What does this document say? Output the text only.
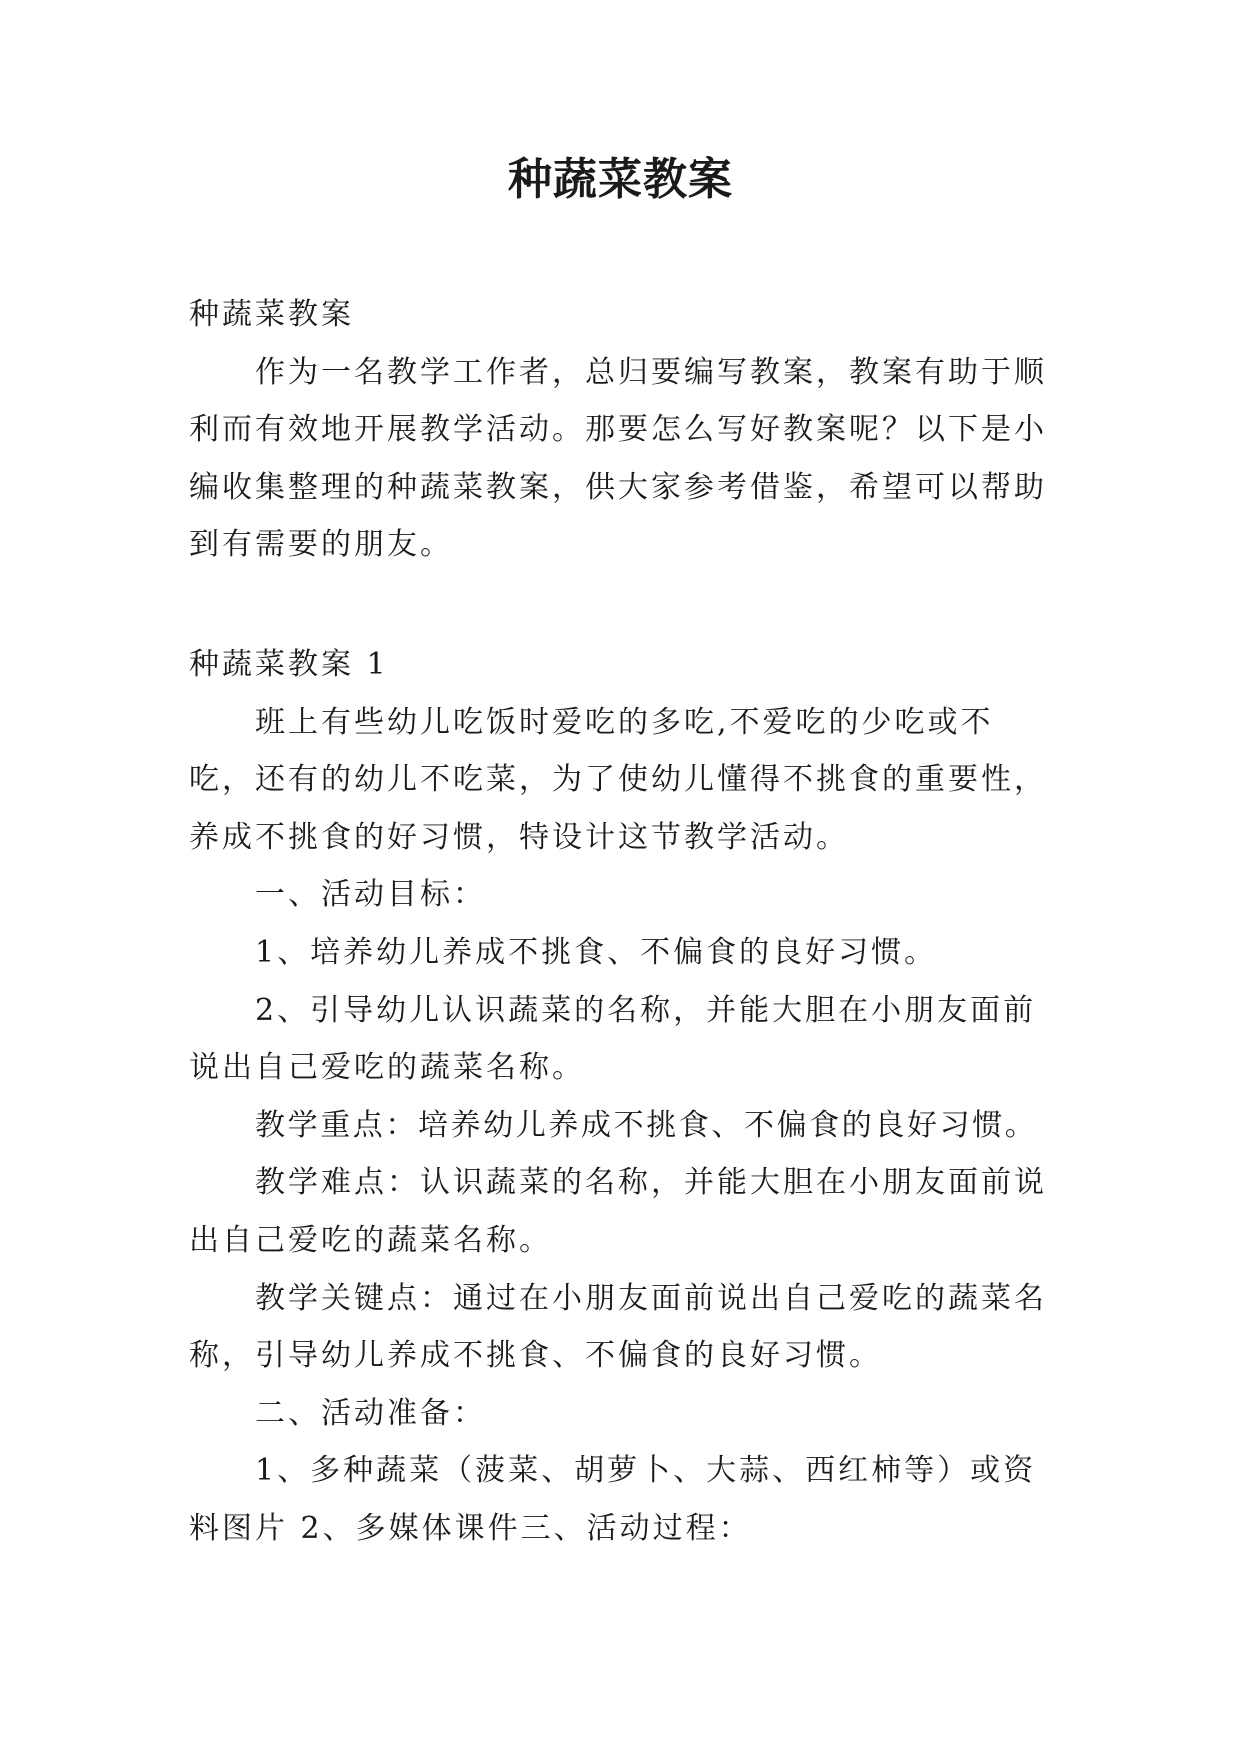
种蔬菜教案

种蔬菜教案

作为一名教学工作者，总归要编写教案，教案有助于顺利而有效地开展教学活动。那要怎么写好教案呢？以下是小编收集整理的种蔬菜教案，供大家参考借鉴，希望可以帮助到有需要的朋友。

种蔬菜教案 1

班上有些幼儿吃饭时爱吃的多吃,不爱吃的少吃或不吃，还有的幼儿不吃菜，为了使幼儿懂得不挑食的重要性，养成不挑食的好习惯，特设计这节教学活动。

一、活动目标：

1、培养幼儿养成不挑食、不偏食的良好习惯。

2、引导幼儿认识蔬菜的名称，并能大胆在小朋友面前说出自己爱吃的蔬菜名称。

教学重点：培养幼儿养成不挑食、不偏食的良好习惯。

教学难点：认识蔬菜的名称，并能大胆在小朋友面前说出自己爱吃的蔬菜名称。

教学关键点：通过在小朋友面前说出自己爱吃的蔬菜名称，引导幼儿养成不挑食、不偏食的良好习惯。

二、活动准备：

1、多种蔬菜（菠菜、胡萝卜、大蒜、西红柿等）或资料图片 2、多媒体课件三、活动过程：
